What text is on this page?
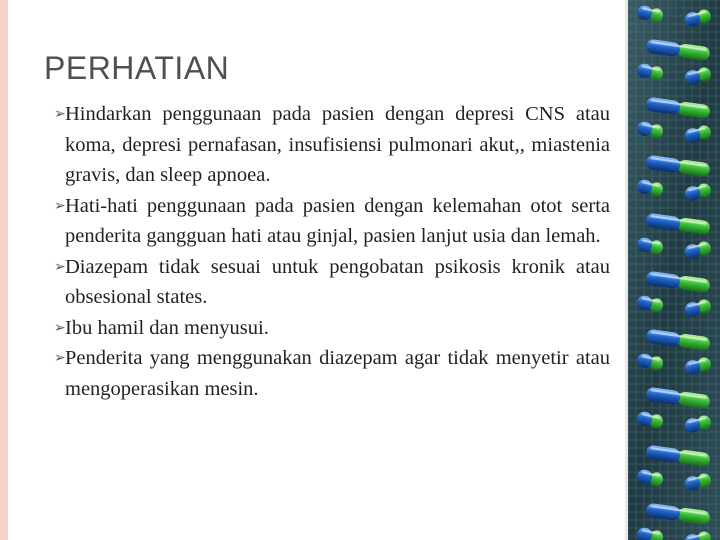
PERHATIAN
➢ Hindarkan penggunaan pada pasien dengan depresi CNS atau koma, depresi pernafasan, insufisiensi pulmonari akut,, miastenia gravis, dan sleep apnoea.
➢ Hati-hati penggunaan pada pasien dengan kelemahan otot serta penderita gangguan hati atau ginjal, pasien lanjut usia dan lemah.
➢ Diazepam tidak sesuai untuk pengobatan psikosis kronik atau obsesional states.
➢ Ibu hamil dan menyusui.
➢ Penderita yang menggunakan diazepam agar tidak menyetir atau mengoperasikan mesin.
